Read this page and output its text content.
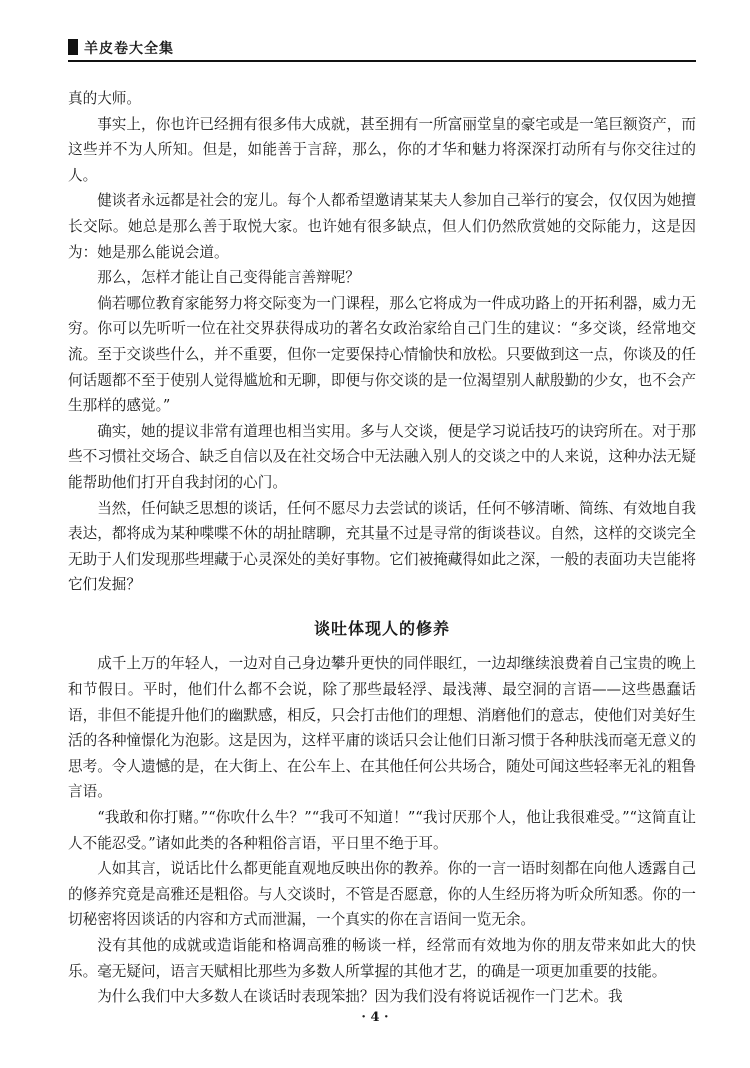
羊皮卷大全集

真的大师。

事实上，你也许已经拥有很多伟大成就，甚至拥有一所富丽堂皇的豪宅或是一笔巨额资产，而这些并不为人所知。但是，如能善于言辞，那么，你的才华和魅力将深深打动所有与你交往过的人。

健谈者永远都是社会的宠儿。每个人都希望邀请某某夫人参加自己举行的宴会，仅仅因为她擅长交际。她总是那么善于取悦大家。也许她有很多缺点，但人们仍然欣赏她的交际能力，这是因为：她是那么能说会道。

那么，怎样才能让自己变得能言善辩呢？

倘若哪位教育家能努力将交际变为一门课程，那么它将成为一件成功路上的开拓利器，威力无穷。你可以先听听一位在社交界获得成功的著名女政治家给自己门生的建议：“多交谈，经常地交流。至于交谈些什么，并不重要，但你一定要保持心情愉快和放松。只要做到这一点，你谈及的任何话题都不至于使别人觉得尴尬和无聊，即便与你交谈的是一位渴望别人献殷勤的少女，也不会产生那样的感觉。”

确实，她的提议非常有道理也相当实用。多与人交谈，便是学习说话技巧的诀窍所在。对于那些不习惯社交场合、缺乏自信以及在社交场合中无法融入别人的交谈之中的人来说，这种办法无疑能帮助他们打开自我封闭的心门。

当然，任何缺乏思想的谈话，任何不愿尽力去尝试的谈话，任何不够清晰、简练、有效地自我表达，都将成为某种喋喋不休的胡扯瞎聊，充其量不过是寻常的街谈巷议。自然，这样的交谈完全无助于人们发现那些埋藏于心灵深处的美好事物。它们被掩藏得如此之深，一般的表面功夫岂能将它们发掘？

谈吐体现人的修养

成千上万的年轻人，一边对自己身边攀升更快的同伴眼红，一边却继续浪费着自己宝贵的晚上和节假日。平时，他们什么都不会说，除了那些最轻浮、最浅薄、最空洞的言语——这些愚蠢话语，非但不能提升他们的幽默感，相反，只会打击他们的理想、消磨他们的意志，使他们对美好生活的各种憧憬化为泡影。这是因为，这样平庸的谈话只会让他们日渐习惯于各种肤浅而毫无意义的思考。令人遗憾的是，在大街上、在公车上、在其他任何公共场合，随处可闻这些轻率无礼的粗鲁言语。

“我敢和你打赌。”“你吹什么牛？”“我可不知道！”“我讨厌那个人，他让我很难受。”“这简直让人不能忍受。”诸如此类的各种粗俗言语，平日里不绝于耳。

人如其言，说话比什么都更能直观地反映出你的教养。你的一言一语时刻都在向他人透露自己的修养究竟是高雅还是粗俗。与人交谈时，不管是否愿意，你的人生经历将为听众所知悉。你的一切秘密将因谈话的内容和方式而泄漏，一个真实的你在言语间一览无余。

没有其他的成就或造诣能和格调高雅的畅谈一样，经常而有效地为你的朋友带来如此大的快乐。毫无疑问，语言天赋相比那些为多数人所掌握的其他才艺，的确是一项更加重要的技能。

为什么我们中大多数人在谈话时表现笨拙？因为我们没有将说话视作一门艺术。我

· 4 ·
